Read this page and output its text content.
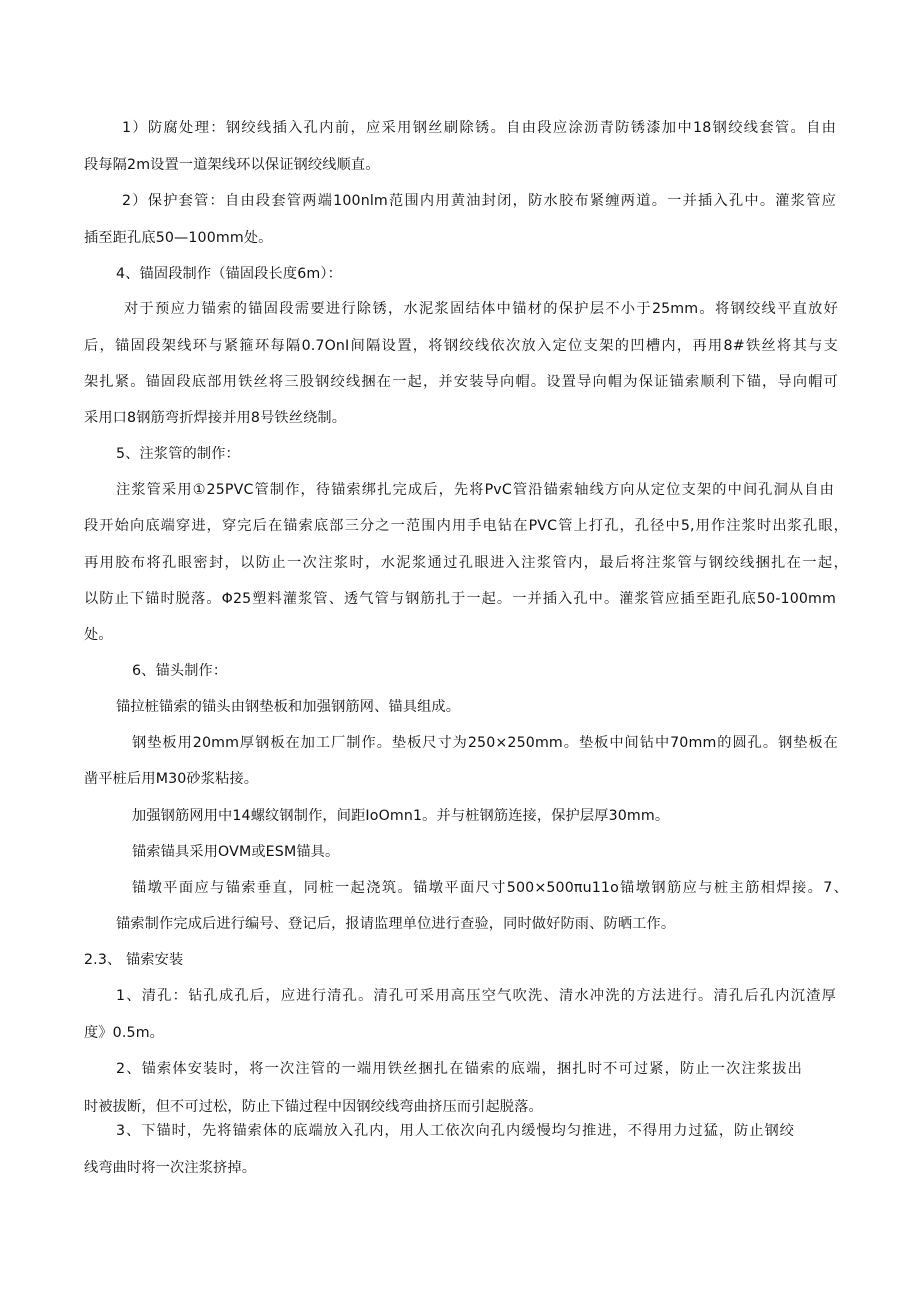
1）防腐处理：钢绞线插入孔内前，应采用钢丝刷除锈。自由段应涂沥青防锈漆加中18钢绞线套管。自由
段每隔2m设置一道架线环以保证钢绞线顺直。
2）保护套管：自由段套管两端100nlm范围内用黄油封闭，防水胶布紧缠两道。一并插入孔中。灌浆管应
插至距孔底50—100mm处。
4、锚固段制作（锚固段长度6m）：
对于预应力锚索的锚固段需要进行除锈，水泥浆固结体中锚材的保护层不小于25mm。将钢绞线平直放好
后，锚固段架线环与紧箍环每隔0.7OnI间隔设置，将钢绞线依次放入定位支架的凹槽内，再用8#铁丝将其与支
架扎紧。锚固段底部用铁丝将三股钢绞线捆在一起，并安装导向帽。设置导向帽为保证锚索顺利下锚，导向帽可
采用口8钢筋弯折焊接并用8号铁丝绕制。
5、注浆管的制作：
注浆管采用①25PVC管制作，待锚索绑扎完成后，先将PvC管沿锚索轴线方向从定位支架的中间孔洞从自由
段开始向底端穿进，穿完后在锚索底部三分之一范围内用手电钻在PVC管上打孔，孔径中5,用作注浆时出浆孔眼，
再用胶布将孔眼密封，以防止一次注浆时，水泥浆通过孔眼进入注浆管内，最后将注浆管与钢绞线捆扎在一起，
以防止下锚时脱落。Φ25塑料灌浆管、透气管与钢筋扎于一起。一并插入孔中。灌浆管应插至距孔底50-100mm
处。
6、锚头制作：
锚拉桩锚索的锚头由钢垫板和加强钢筋网、锚具组成。
钢垫板用20mm厚钢板在加工厂制作。垫板尺寸为250×250mm。垫板中间钻中70mm的圆孔。钢垫板在
凿平桩后用M30砂浆粘接。
加强钢筋网用中14螺纹钢制作，间距IoOmn1。并与桩钢筋连接，保护层厚30mm。
锚索锚具采用OVM或ESM锚具。
锚墩平面应与锚索垂直，同桩一起浇筑。锚墩平面尺寸500×500πu11o锚墩钢筋应与桩主筋相焊接。7、
锚索制作完成后进行编号、登记后，报请监理单位进行查验，同时做好防雨、防晒工作。
2.3、 锚索安装
1、清孔：钻孔成孔后，应进行清孔。清孔可采用高压空气吹洗、清水冲洗的方法进行。清孔后孔内沉渣厚
度》0.5m。
2、锚索体安装时，将一次注管的一端用铁丝捆扎在锚索的底端，捆扎时不可过紧，防止一次注浆拔出
时被拔断，但不可过松，防止下锚过程中因钢绞线弯曲挤压而引起脱落。
3、下锚时，先将锚索体的底端放入孔内，用人工依次向孔内缓慢均匀推进，不得用力过猛，防止钢绞
线弯曲时将一次注浆挤掉。
